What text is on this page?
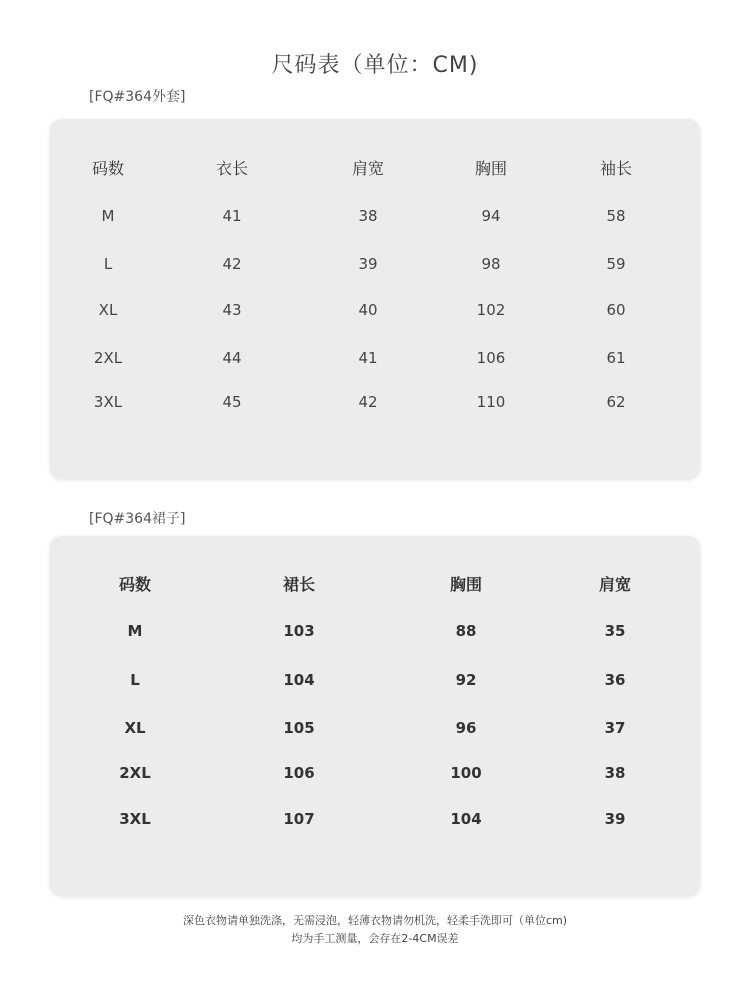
尺码表（单位：CM)
[FQ#364外套]
码数	衣长	肩宽	胸围	袖长
M	41	38	94	58
L	42	39	98	59
XL	43	40	102	60
2XL	44	41	106	61
3XL	45	42	110	62
[FQ#364裙子]
码数	裙长	胸围	肩宽
M	103	88	35
L	104	92	36
XL	105	96	37
2XL	106	100	38
3XL	107	104	39
深色衣物请单独洗涤，无需浸泡，轻薄衣物请勿机洗，轻柔手洗即可（单位cm)
均为手工测量，会存在2-4CM误差
